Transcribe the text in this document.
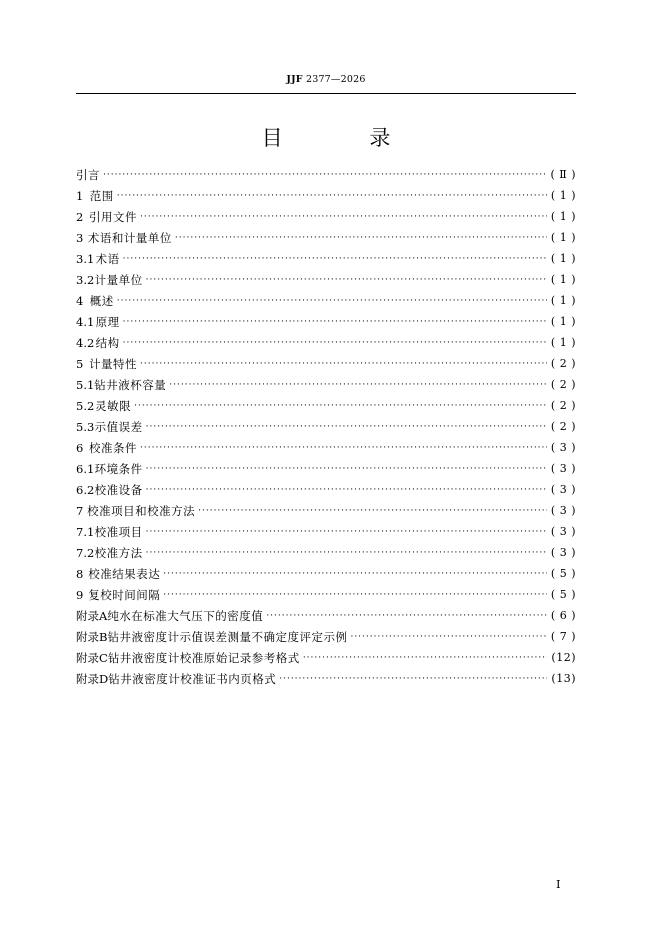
JJF 2377—2026
目 录
引言 ·····	( Ⅱ )
1 范围 ·····	( 1 )
2 引用文件 ·····	( 1 )
3 术语和计量单位 ·····	( 1 )
3.1 术语 ·····	( 1 )
3.2 计量单位 ·····	( 1 )
4 概述 ·····	( 1 )
4.1 原理 ·····	( 1 )
4.2 结构 ·····	( 1 )
5 计量特性 ·····	( 2 )
5.1 钻井液杯容量 ·····	( 2 )
5.2 灵敏限 ·····	( 2 )
5.3 示值误差 ·····	( 2 )
6 校准条件 ·····	( 3 )
6.1 环境条件 ·····	( 3 )
6.2 校准设备 ·····	( 3 )
7 校准项目和校准方法 ·····	( 3 )
7.1 校准项目 ·····	( 3 )
7.2 校准方法 ·····	( 3 )
8 校准结果表达 ·····	( 5 )
9 复校时间间隔 ·····	( 5 )
附录A 纯水在标准大气压下的密度值 ·····	( 6 )
附录B 钻井液密度计示值误差测量不确定度评定示例 ·····	( 7 )
附录C 钻井液密度计校准原始记录参考格式 ·····	(12)
附录D 钻井液密度计校准证书内页格式 ·····	(13)
I
